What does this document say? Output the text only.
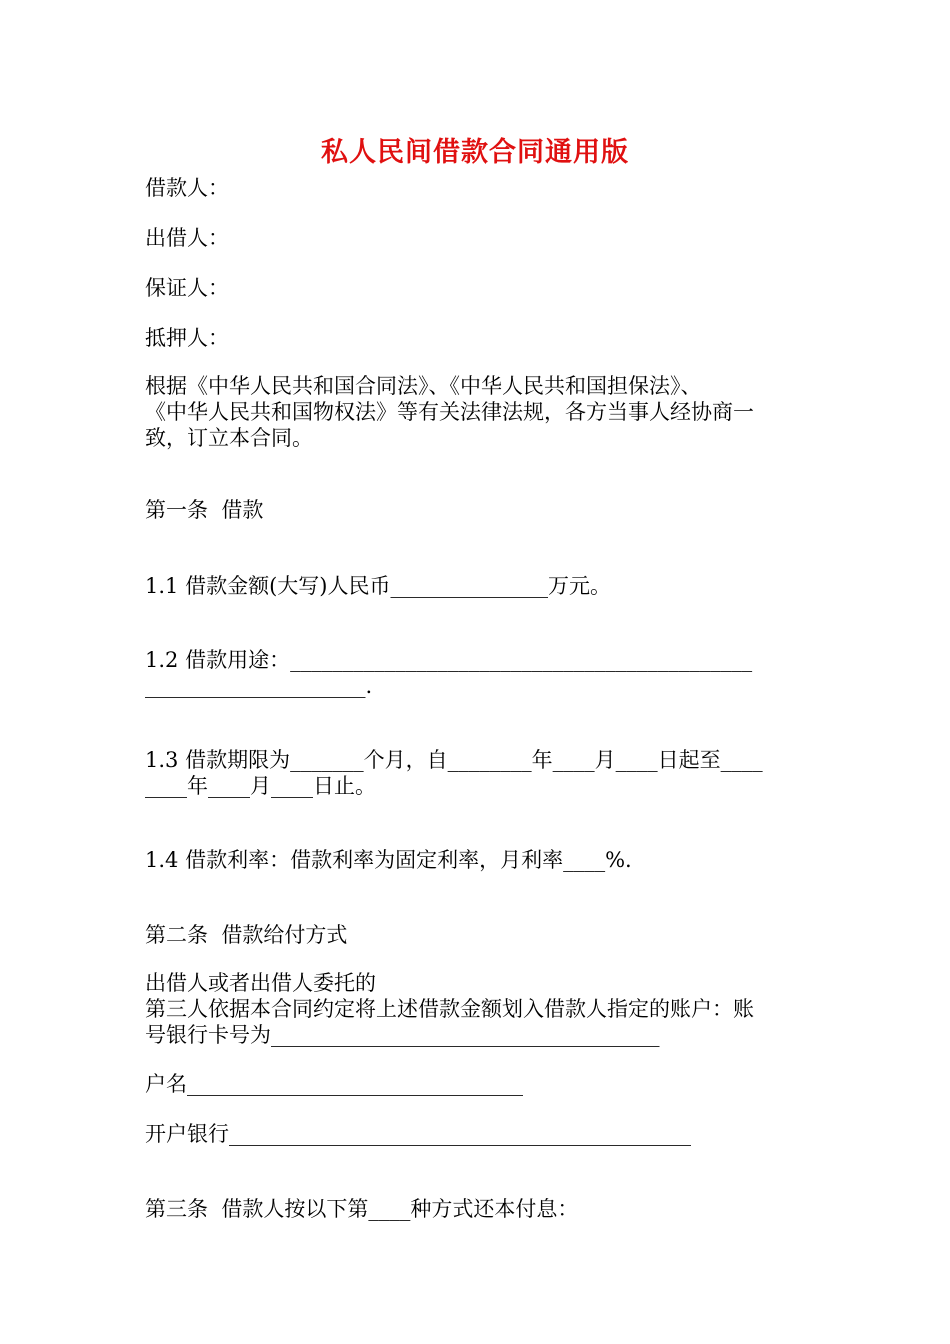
私人民间借款合同通用版
借款人：
出借人：
保证人：
抵押人：
根据《中华人民共和国合同法》、《中华人民共和国担保法》、
《中华人民共和国物权法》等有关法律法规，各方当事人经协商一
致，订立本合同。
第一条  借款
1.1 借款金额(大写)人民币_______________万元。
1.2 借款用途：____________________________________________
_____________________.
1.3 借款期限为_______个月，自________年____月____日起至____
____年____月____日止。
1.4 借款利率：借款利率为固定利率，月利率____%.
第二条  借款给付方式
出借人或者出借人委托的
第三人依据本合同约定将上述借款金额划入借款人指定的账户：账
号银行卡号为_____________________________________
户名________________________________
开户银行____________________________________________
第三条  借款人按以下第____种方式还本付息：
